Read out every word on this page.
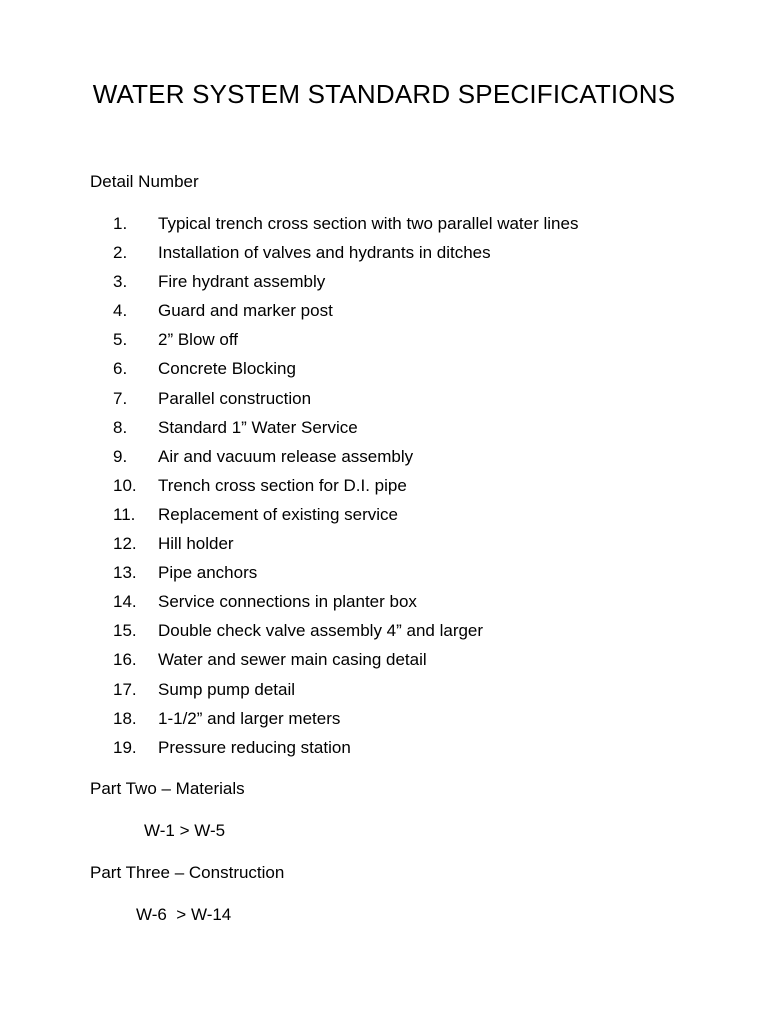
WATER SYSTEM STANDARD SPECIFICATIONS
Detail Number
1. Typical trench cross section with two parallel water lines
2. Installation of valves and hydrants in ditches
3. Fire hydrant assembly
4. Guard and marker post
5. 2” Blow off
6. Concrete Blocking
7. Parallel construction
8. Standard 1” Water Service
9. Air and vacuum release assembly
10. Trench cross section for D.I. pipe
11. Replacement of existing service
12. Hill holder
13. Pipe anchors
14. Service connections in planter box
15. Double check valve assembly 4” and larger
16. Water and sewer main casing detail
17. Sump pump detail
18. 1-1/2” and larger meters
19. Pressure reducing station
Part Two – Materials
W-1 > W-5
Part Three – Construction
W-6  > W-14
